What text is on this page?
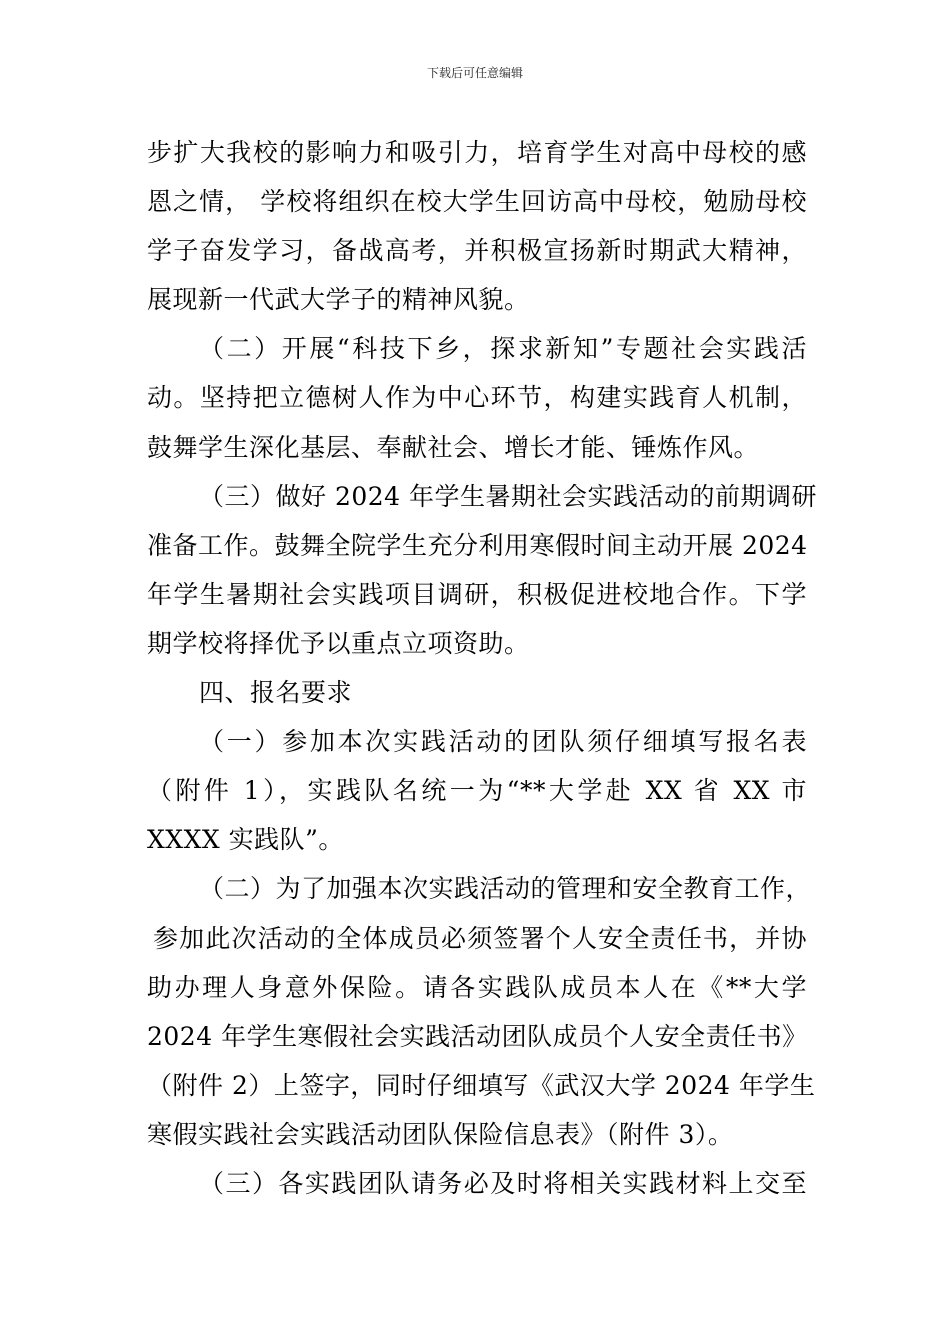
下载后可任意编辑
步扩大我校的影响力和吸引力，培育学生对高中母校的感
恩之情， 学校将组织在校大学生回访高中母校，勉励母校
学子奋发学习，备战高考，并积极宣扬新时期武大精神，
展现新一代武大学子的精神风貌。
（二）开展“科技下乡，探求新知”专题社会实践活
动。坚持把立德树人作为中心环节，构建实践育人机制，
鼓舞学生深化基层、奉献社会、增长才能、锤炼作风。
（三）做好 2024 年学生暑期社会实践活动的前期调研
准备工作。鼓舞全院学生充分利用寒假时间主动开展 2024
年学生暑期社会实践项目调研，积极促进校地合作。下学
期学校将择优予以重点立项资助。
四、报名要求
（一）参加本次实践活动的团队须仔细填写报名表
（附件 1），实践队名统一为“**大学赴 XX 省 XX 市
XXXX 实践队”。
（二）为了加强本次实践活动的管理和安全教育工作，
参加此次活动的全体成员必须签署个人安全责任书，并协
助办理人身意外保险。请各实践队成员本人在《**大学
2024 年学生寒假社会实践活动团队成员个人安全责任书》
（附件 2）上签字，同时仔细填写《武汉大学 2024 年学生
寒假实践社会实践活动团队保险信息表》（附件 3）。
（三）各实践团队请务必及时将相关实践材料上交至
